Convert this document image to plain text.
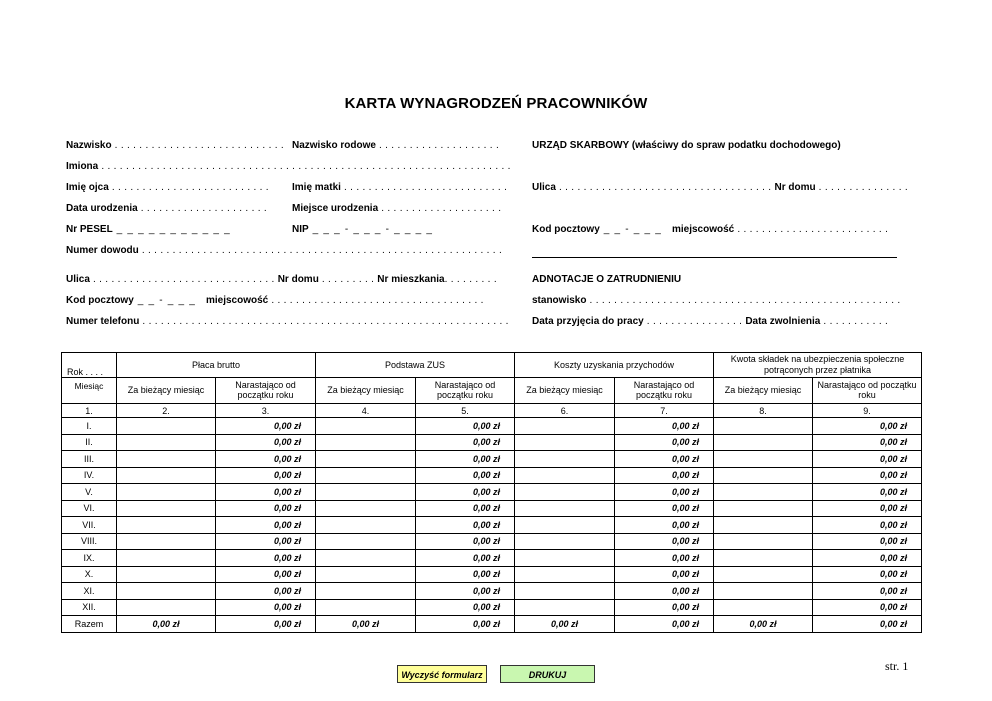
KARTA WYNAGRODZEŃ PRACOWNIKÓW
Nazwisko . . . . . . . . . . . . . . . . . . . . . . . . . . . . Nazwisko rodowe . . . . . . . . . . . . . . . . . . . .
Imiona . . . . . . . . . . . . . . . . . . . . . . . . . . . . . . . . . . . . . . . . . . . . . . . . . . . . . . . . . . . . . . . . . . .
Imię ojca . . . . . . . . . . . . . . . . . . . . . . . . . . Imię matki . . . . . . . . . . . . . . . . . . . . . . . . . . .
Data urodzenia . . . . . . . . . . . . . . . . . . . . .	Miejsce urodzenia . . . . . . . . . . . . . . . . . . . .
Nr PESEL _ _ _ _ _ _ _ _ _ _ _	NIP _ _ _ - _ _ _ - _ _ _ _
Numer dowodu . . . . . . . . . . . . . . . . . . . . . . . . . . . . . . . . . . . . . . . . . . . . . . . . . . . . . . . . . . .
Ulica . . . . . . . . . . . . . . . . . . . . . . . . . . . . . . Nr domu . . . . . . . . . Nr mieszkania. . . . . . . . .
Kod pocztowy _ _ - _ _ _ miejscowość . . . . . . . . . . . . . . . . . . . . . . . . . . . . . . . . . . .
Numer telefonu . . . . . . . . . . . . . . . . . . . . . . . . . . . . . . . . . . . . . . . . . . . . . . . . . . . . . . . . . . . .
URZĄD SKARBOWY (właściwy do spraw podatku dochodowego)
Ulica . . . . . . . . . . . . . . . . . . . . . . . . . . . . . . . . . . . Nr domu . . . . . . . . . . . . . . .
Kod pocztowy _ _ - _ _ _ miejscowość . . . . . . . . . . . . . . . . . . . . . . . . .
ADNOTACJE O ZATRUDNIENIU
stanowisko . . . . . . . . . . . . . . . . . . . . . . . . . . . . . . . . . . . . . . . . . . . . . . . . . . .
Data przyjęcia do pracy . . . . . . . . . . . . . . . . Data zwolnienia . . . . . . . . . . .
Rok . . . .	Płaca brutto		Podstawa ZUS		Koszty uzyskania przychodów		Kwota składek na ubezpieczenia społeczne potrąconych przez płatnika	
Miesiąc	Za bieżący miesiąc	Narastająco od początku roku	Za bieżący miesiąc	Narastająco od początku roku	Za bieżący miesiąc	Narastająco od początku roku	Za bieżący miesiąc	Narastająco od początku roku
1.	2.	3.	4.	5.	6.	7.	8.	9.
I.		0,00 zł		0,00 zł		0,00 zł		0,00 zł
II.		0,00 zł		0,00 zł		0,00 zł		0,00 zł
III.		0,00 zł		0,00 zł		0,00 zł		0,00 zł
IV.		0,00 zł		0,00 zł		0,00 zł		0,00 zł
V.		0,00 zł		0,00 zł		0,00 zł		0,00 zł
VI.		0,00 zł		0,00 zł		0,00 zł		0,00 zł
VII.		0,00 zł		0,00 zł		0,00 zł		0,00 zł
VIII.		0,00 zł		0,00 zł		0,00 zł		0,00 zł
IX.		0,00 zł		0,00 zł		0,00 zł		0,00 zł
X.		0,00 zł		0,00 zł		0,00 zł		0,00 zł
XI.		0,00 zł		0,00 zł		0,00 zł		0,00 zł
XII.		0,00 zł		0,00 zł		0,00 zł		0,00 zł
Razem	0,00 zł	0,00 zł	0,00 zł	0,00 zł	0,00 zł	0,00 zł	0,00 zł	0,00 zł
Wyczyść formularz	DRUKUJ
str. 1
